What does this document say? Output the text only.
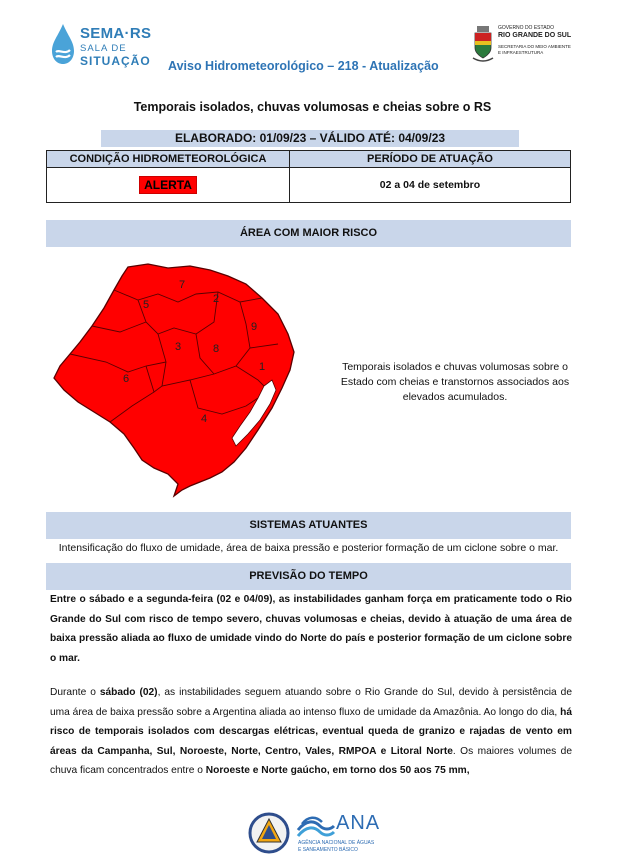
SEMA·RS
SALA DE
SITUAÇÃO Aviso Hidrometeorológico – 218 - Atualização
GOVERNO DO ESTADO
RIO GRANDE DO SUL
SECRETARIA DO MEIO AMBIENTE
E INFRAESTRUTURA
Temporais isolados, chuvas volumosas e cheias sobre o RS
ELABORADO: 01/09/23 – VÁLIDO ATÉ: 04/09/23
CONDIÇÃO HIDROMETEOROLÓGICA	PERÍODO DE ATUAÇÃO
ALERTA	02 a 04 de setembro
ÁREA COM MAIOR RISCO
1
2
3
4
5
6
7
8
9
Temporais isolados e chuvas volumosas sobre o Estado com cheias e transtornos associados aos elevados acumulados.
SISTEMAS ATUANTES
Intensificação do fluxo de umidade, área de baixa pressão e posterior formação de um ciclone sobre o mar.
PREVISÃO DO TEMPO

Entre o sábado e a segunda-feira (02 e 04/09), as instabilidades ganham força em praticamente todo o Rio Grande do Sul com risco de tempo severo, chuvas volumosas e cheias, devido à atuação de uma área de baixa pressão aliada ao fluxo de umidade vindo do Norte do país e posterior formação de um ciclone sobre o mar.

Durante o sábado (02), as instabilidades seguem atuando sobre o Rio Grande do Sul, devido à persistência de uma área de baixa pressão sobre a Argentina aliada ao intenso fluxo de umidade da Amazônia. Ao longo do dia, há risco de temporais isolados com descargas elétricas, eventual queda de granizo e rajadas de vento em áreas da Campanha, Sul, Noroeste, Norte, Centro, Vales, RMPOA e Litoral Norte. Os maiores volumes de chuva ficam concentrados entre o Noroeste e Norte gaúcho, em torno dos 50 aos 75 mm,

ANA
AGÊNCIA NACIONAL DE ÁGUAS
E SANEAMENTO BÁSICO
